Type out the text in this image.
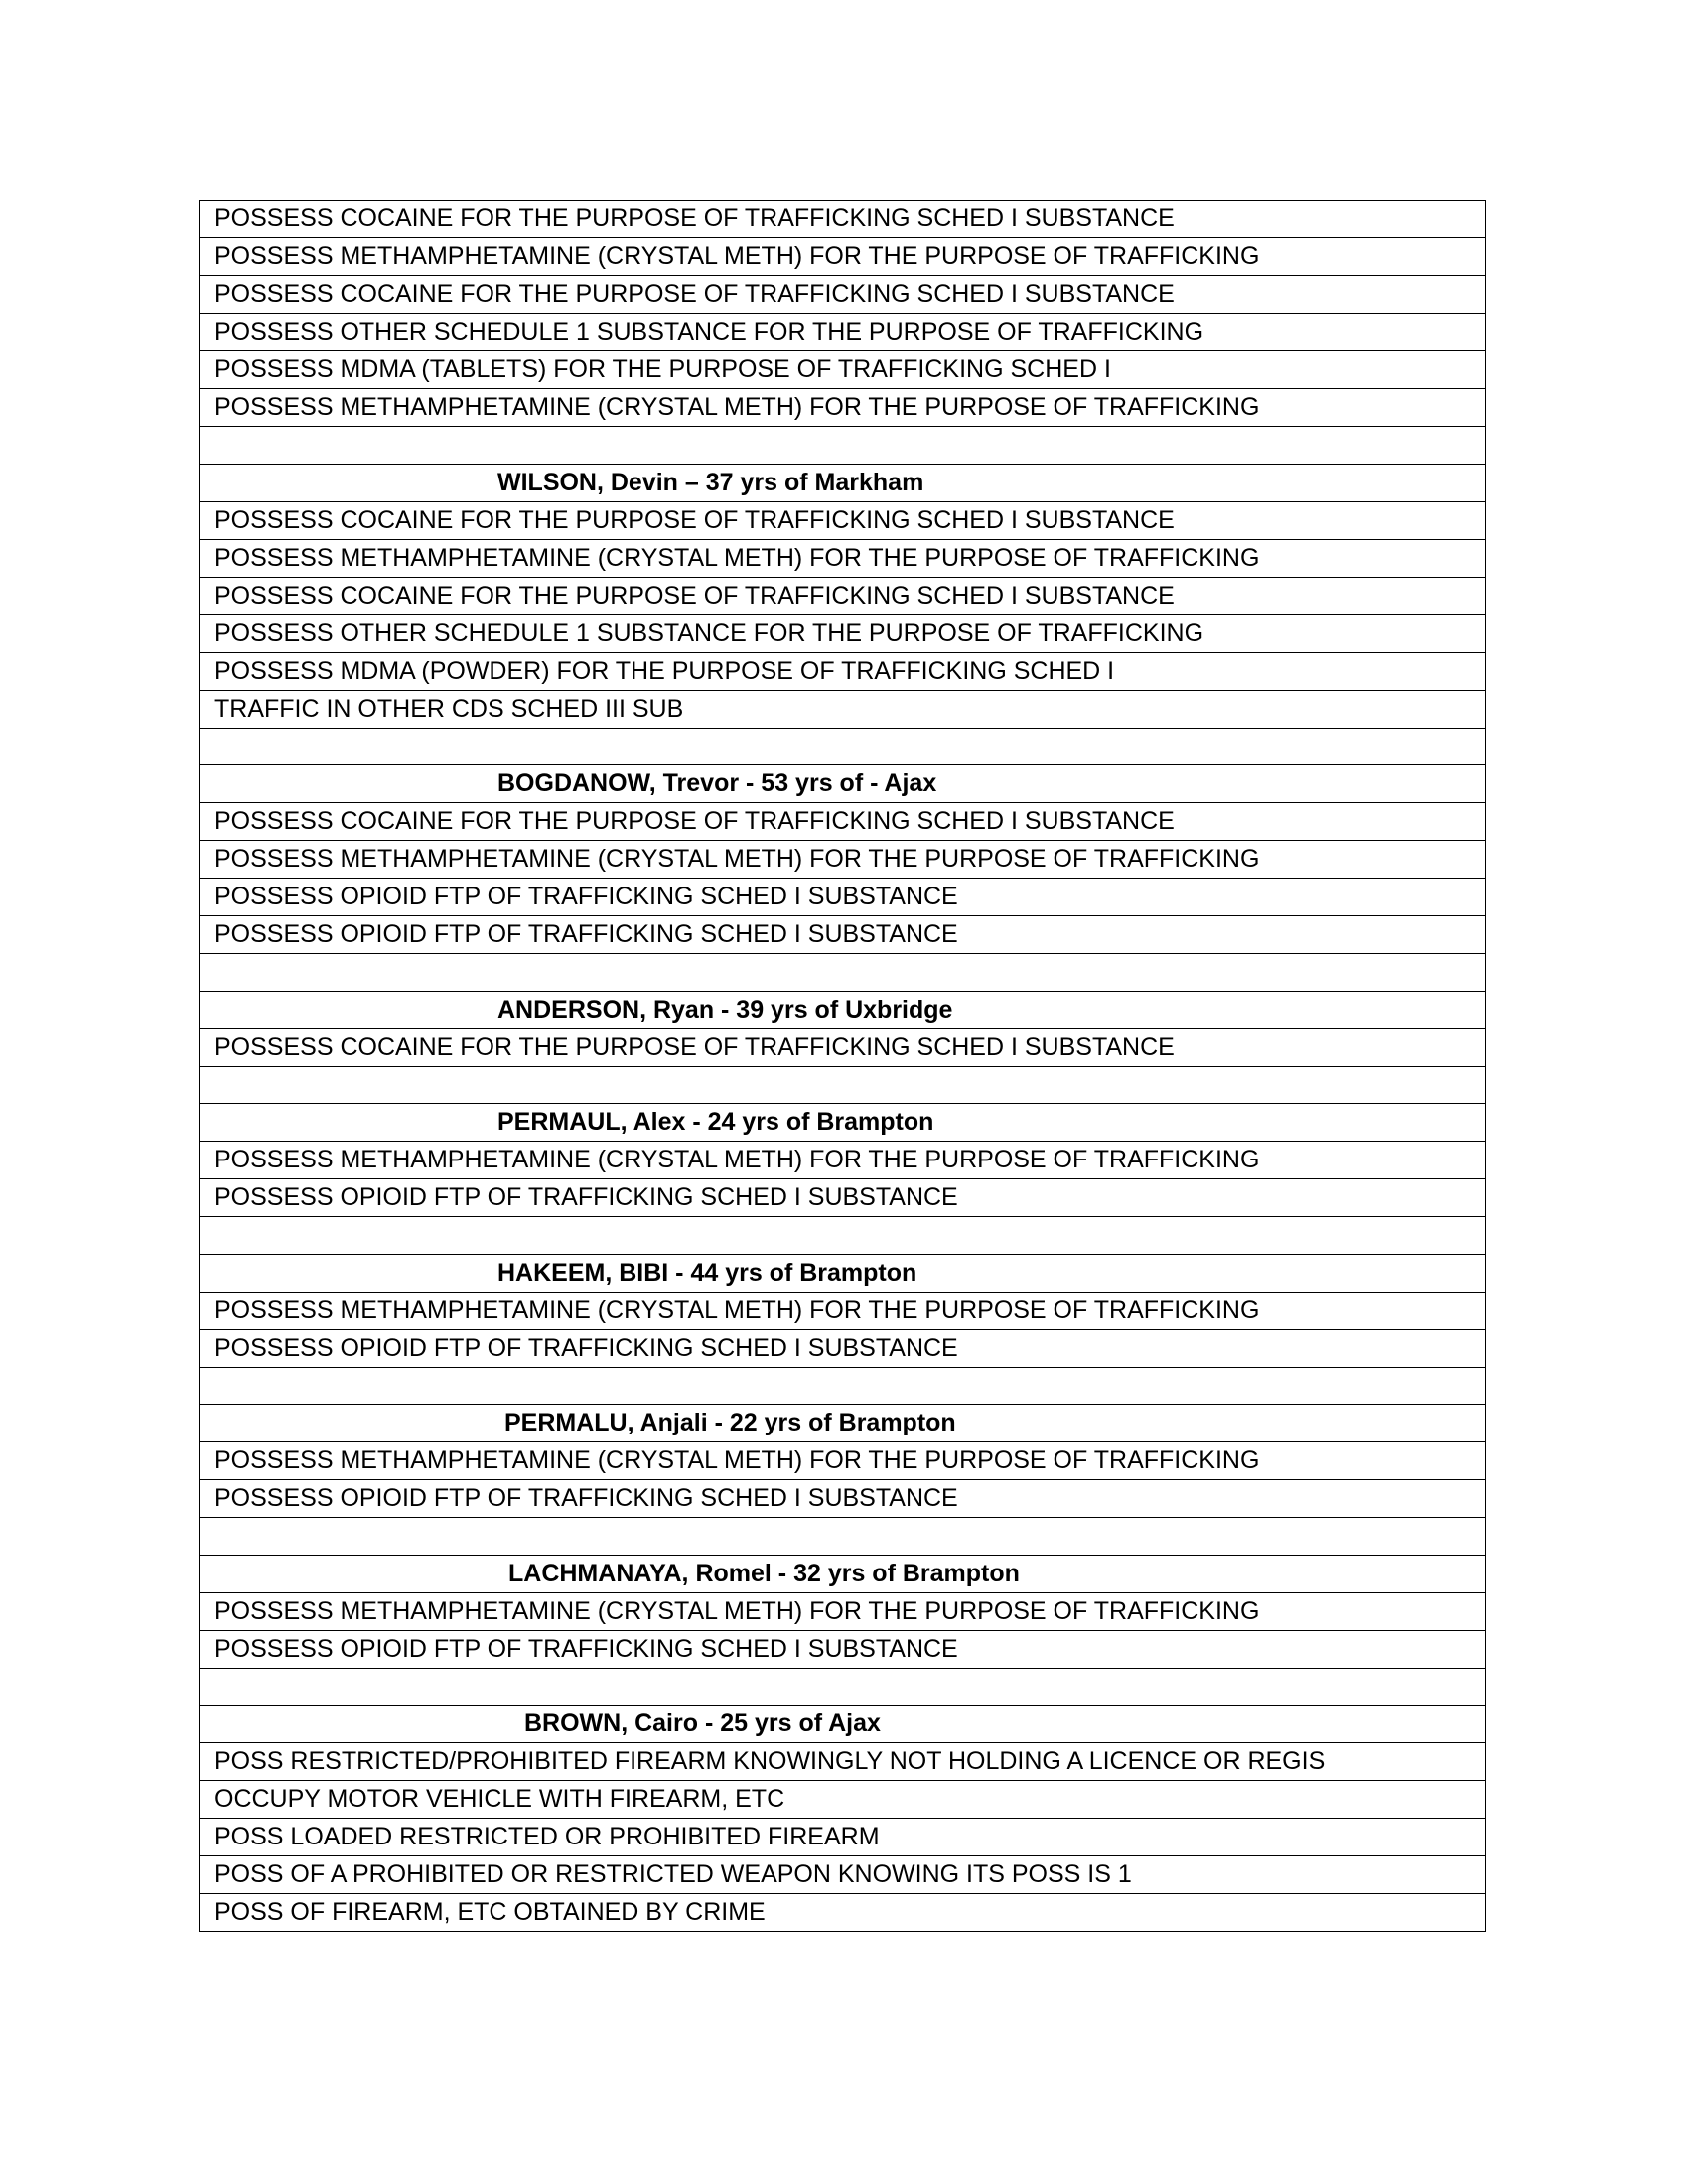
POSSESS COCAINE FOR THE PURPOSE OF TRAFFICKING SCHED I SUBSTANCE
POSSESS METHAMPHETAMINE (CRYSTAL METH) FOR THE PURPOSE OF TRAFFICKING
POSSESS COCAINE FOR THE PURPOSE OF TRAFFICKING SCHED I SUBSTANCE
POSSESS OTHER SCHEDULE 1 SUBSTANCE FOR THE PURPOSE OF TRAFFICKING
POSSESS MDMA (TABLETS) FOR THE PURPOSE OF TRAFFICKING SCHED I
POSSESS METHAMPHETAMINE (CRYSTAL METH) FOR THE PURPOSE OF TRAFFICKING

WILSON, Devin – 37 yrs of Markham
POSSESS COCAINE FOR THE PURPOSE OF TRAFFICKING SCHED I SUBSTANCE
POSSESS METHAMPHETAMINE (CRYSTAL METH) FOR THE PURPOSE OF TRAFFICKING
POSSESS COCAINE FOR THE PURPOSE OF TRAFFICKING SCHED I SUBSTANCE
POSSESS OTHER SCHEDULE 1 SUBSTANCE FOR THE PURPOSE OF TRAFFICKING
POSSESS MDMA (POWDER) FOR THE PURPOSE OF TRAFFICKING SCHED I
TRAFFIC IN OTHER CDS SCHED III SUB

BOGDANOW, Trevor - 53 yrs of - Ajax
POSSESS COCAINE FOR THE PURPOSE OF TRAFFICKING SCHED I SUBSTANCE
POSSESS METHAMPHETAMINE (CRYSTAL METH) FOR THE PURPOSE OF TRAFFICKING
POSSESS OPIOID FTP OF TRAFFICKING SCHED I SUBSTANCE
POSSESS OPIOID FTP OF TRAFFICKING SCHED I SUBSTANCE

ANDERSON, Ryan - 39 yrs of Uxbridge
POSSESS COCAINE FOR THE PURPOSE OF TRAFFICKING SCHED I SUBSTANCE

PERMAUL, Alex - 24 yrs of Brampton
POSSESS METHAMPHETAMINE (CRYSTAL METH) FOR THE PURPOSE OF TRAFFICKING
POSSESS OPIOID FTP OF TRAFFICKING SCHED I SUBSTANCE

HAKEEM, BIBI - 44 yrs of Brampton
POSSESS METHAMPHETAMINE (CRYSTAL METH) FOR THE PURPOSE OF TRAFFICKING
POSSESS OPIOID FTP OF TRAFFICKING SCHED I SUBSTANCE

PERMALU, Anjali - 22 yrs of Brampton
POSSESS METHAMPHETAMINE (CRYSTAL METH) FOR THE PURPOSE OF TRAFFICKING
POSSESS OPIOID FTP OF TRAFFICKING SCHED I SUBSTANCE

LACHMANAYA, Romel - 32 yrs of Brampton
POSSESS METHAMPHETAMINE (CRYSTAL METH) FOR THE PURPOSE OF TRAFFICKING
POSSESS OPIOID FTP OF TRAFFICKING SCHED I SUBSTANCE

BROWN, Cairo - 25 yrs of Ajax
POSS RESTRICTED/PROHIBITED FIREARM KNOWINGLY NOT HOLDING A LICENCE OR REGIS
OCCUPY MOTOR VEHICLE WITH FIREARM, ETC
POSS LOADED RESTRICTED OR PROHIBITED FIREARM
POSS OF A PROHIBITED OR RESTRICTED WEAPON KNOWING ITS POSS IS 1
POSS OF FIREARM, ETC OBTAINED BY CRIME
